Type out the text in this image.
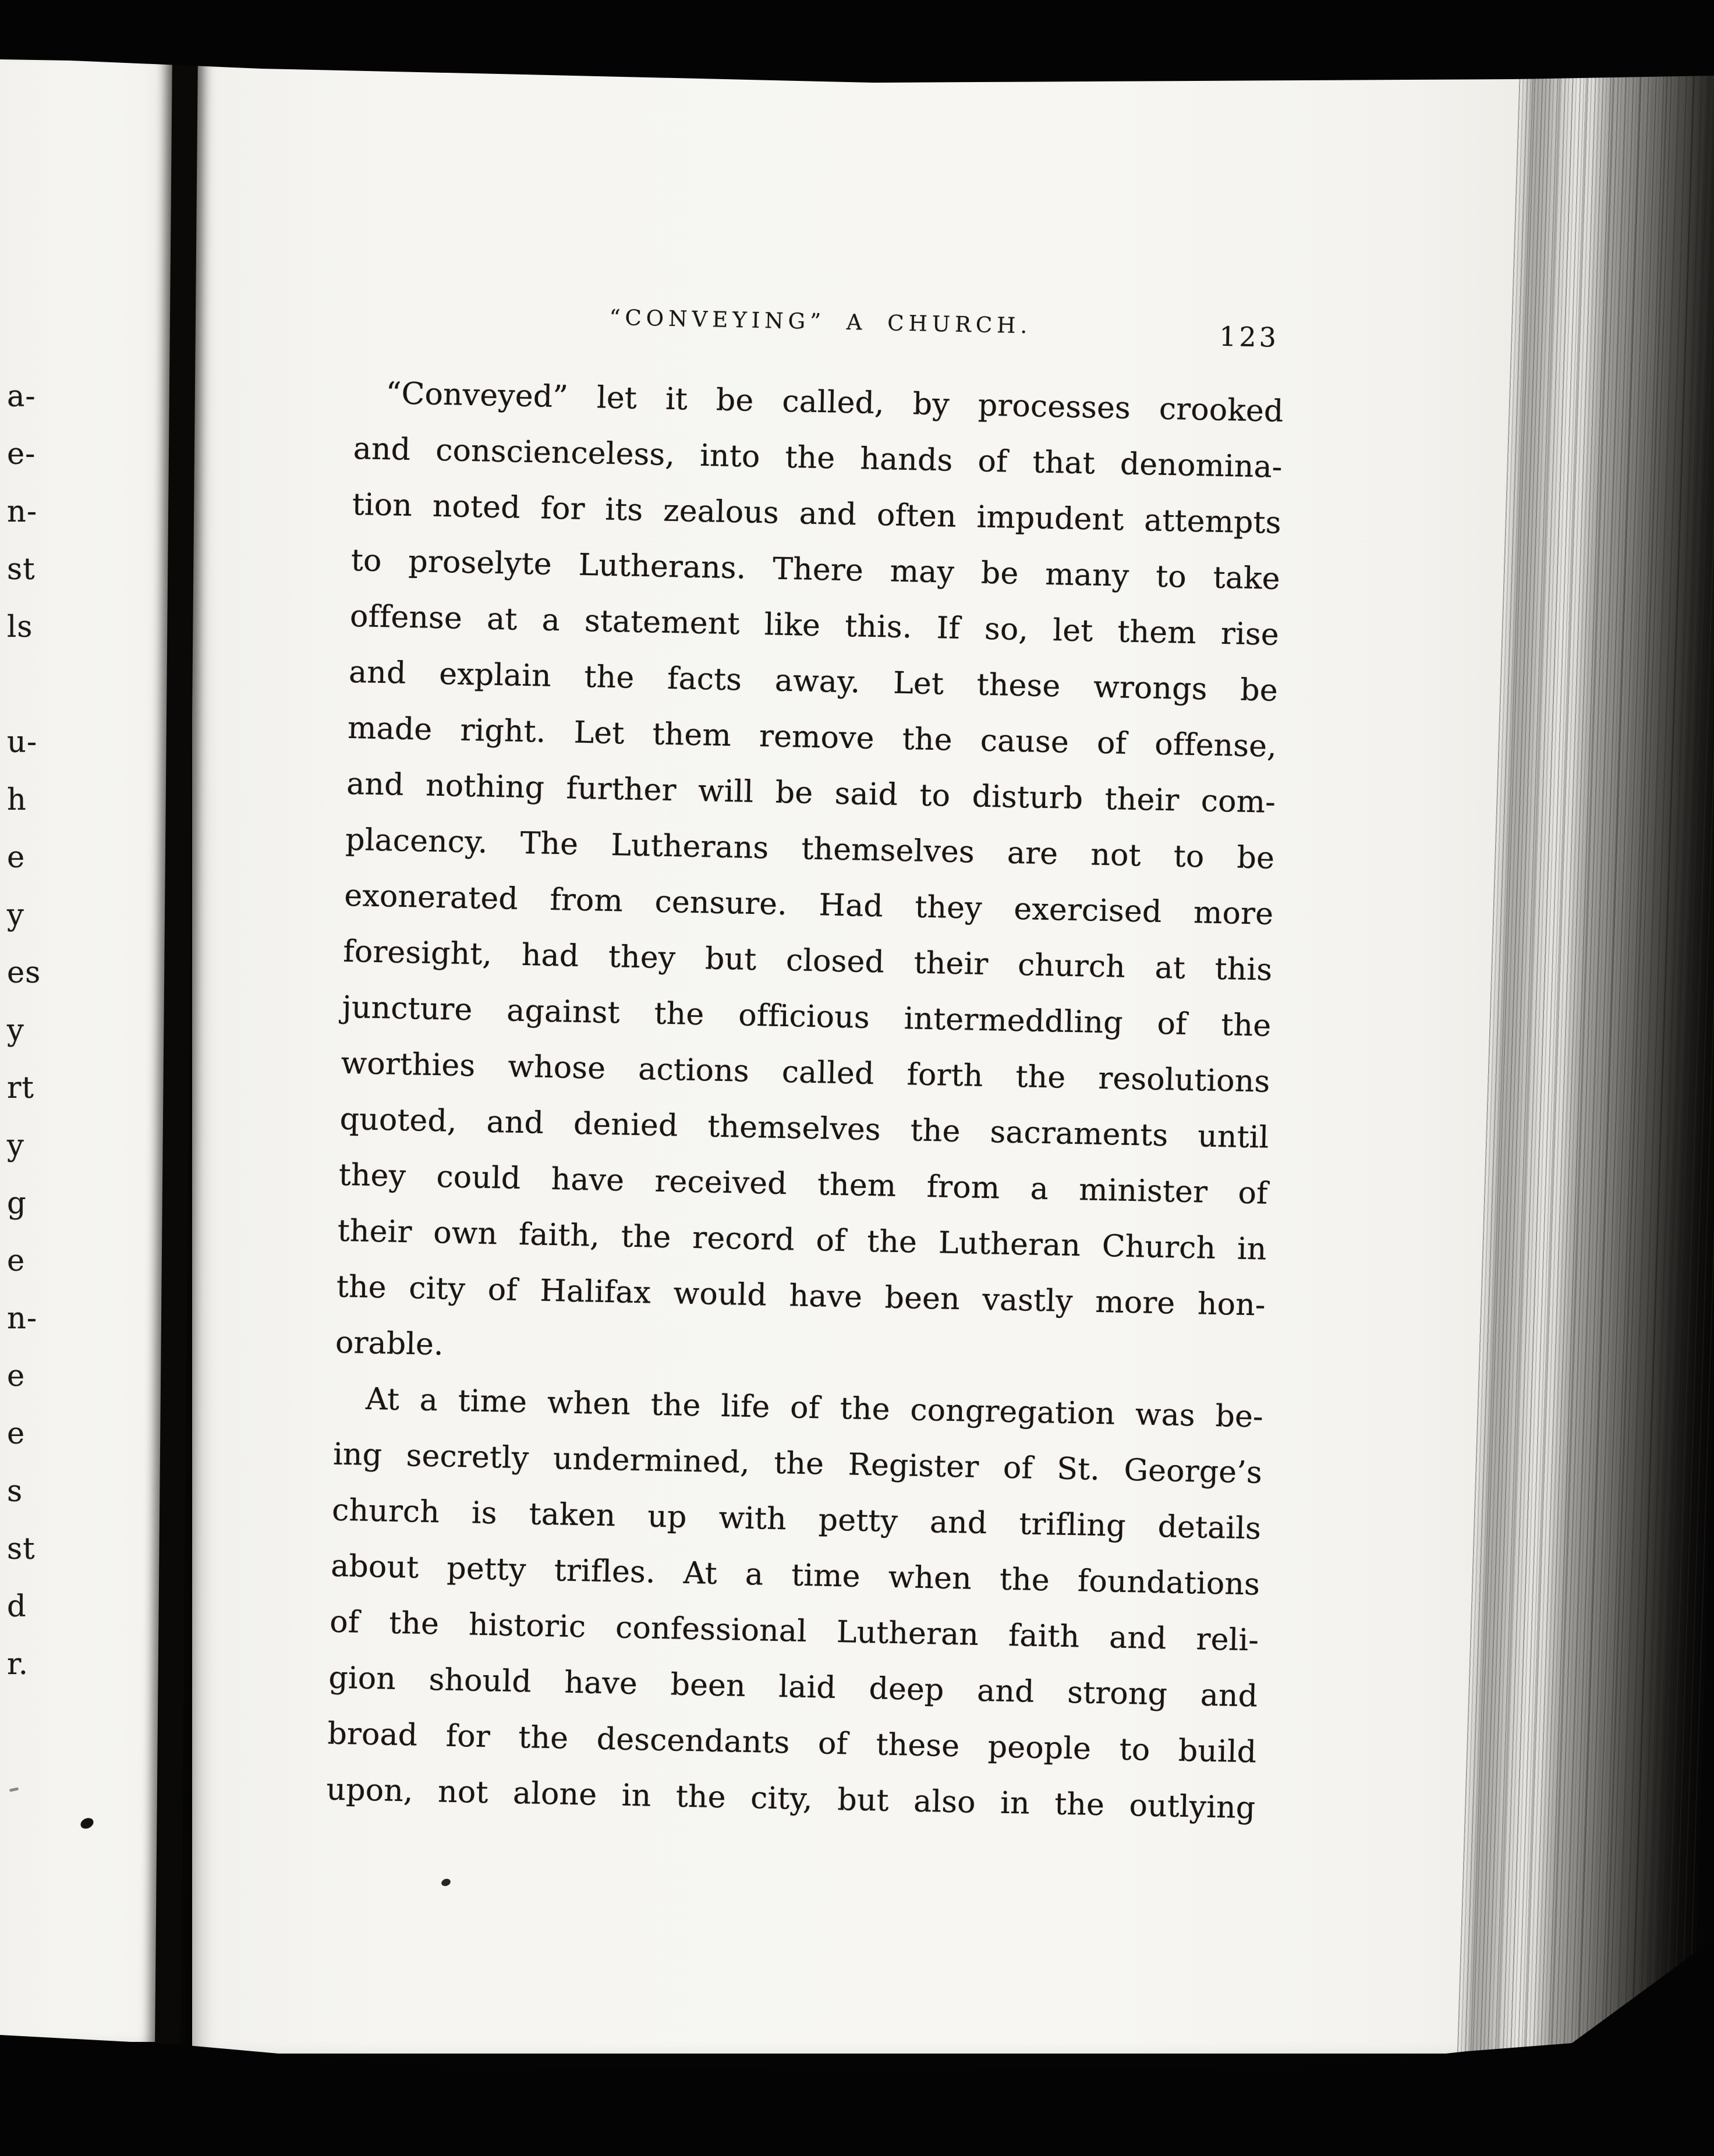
a-
e-
n-
st
ls

u-
h
e
y
es
y
rt
y
g
e
n-
e
e
s
st
d
r.
“CONVEYING” A CHURCH.	123
“Conveyed” let it be called, by processes crooked
and conscienceless, into the hands of that denomina-
tion noted for its zealous and often impudent attempts
to proselyte Lutherans. There may be many to take
offense at a statement like this. If so, let them rise
and explain the facts away. Let these wrongs be
made right. Let them remove the cause of offense,
and nothing further will be said to disturb their com-
placency. The Lutherans themselves are not to be
exonerated from censure. Had they exercised more
foresight, had they but closed their church at this
juncture against the officious intermeddling of the
worthies whose actions called forth the resolutions
quoted, and denied themselves the sacraments until
they could have received them from a minister of
their own faith, the record of the Lutheran Church in
the city of Halifax would have been vastly more hon-
orable.
At a time when the life of the congregation was be-
ing secretly undermined, the Register of St. George’s
church is taken up with petty and trifling details
about petty trifles. At a time when the foundations
of the historic confessional Lutheran faith and reli-
gion should have been laid deep and strong and
broad for the descendants of these people to build
upon, not alone in the city, but also in the outlying
